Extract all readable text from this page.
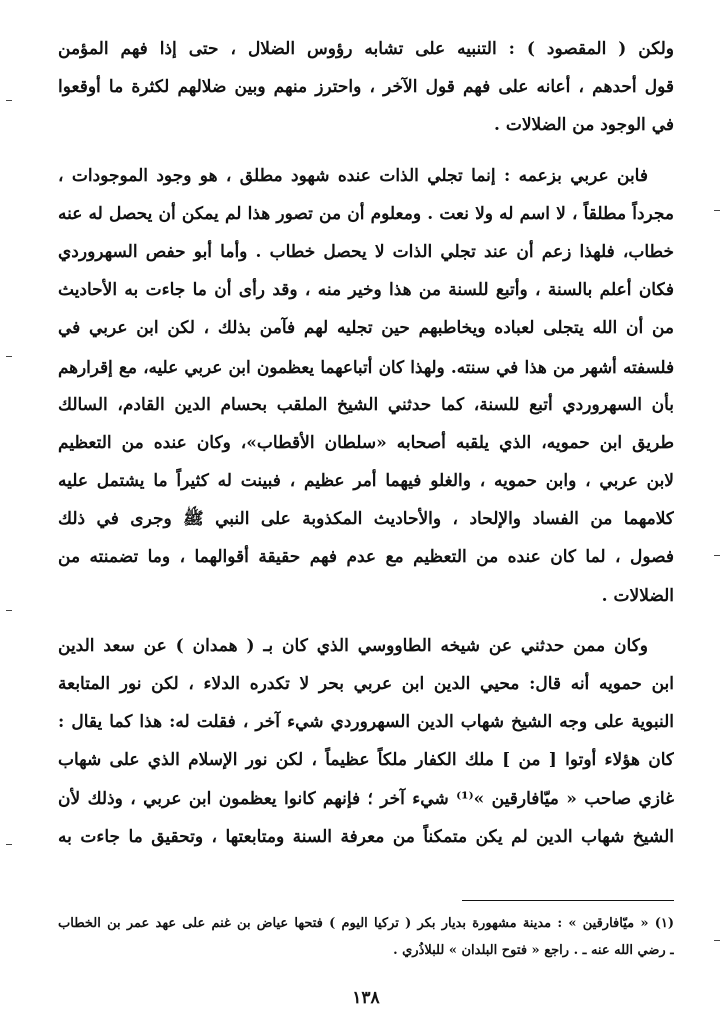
ولكن ( المقصود ) : التنبيه على تشابه رؤوس الضلال ، حتى إذا فهم المؤمن
قول أحدهم ، أعانه على فهم قول الآخر ، واحترز منهم وبين ضلالهم لكثرة ما أوقعوا
في الوجود من الضلالات .
فابن عربي بزعمه : إنما تجلي الذات عنده شهود مطلق ، هو وجود الموجودات ،
مجرداً مطلقاً ، لا اسم له ولا نعت . ومعلوم أن من تصور هذا لم يمكن أن يحصل له عنه
خطاب، فلهذا زعم أن عند تجلي الذات لا يحصل خطاب . وأما أبو حفص السهروردي
فكان أعلم بالسنة ، وأتبع للسنة من هذا وخير منه ، وقد رأى أن ما جاءت به الأحاديث
من أن الله يتجلى لعباده ويخاطبهم حين تجليه لهم فآمن بذلك ، لكن ابن عربي في
فلسفته أشهر من هذا في سنته. ولهذا كان أتباعهما يعظمون ابن عربي عليه، مع إقرارهم
بأن السهروردي أتبع للسنة، كما حدثني الشيخ الملقب بحسام الدين القادم، السالك
طريق ابن حمويه، الذي يلقبه أصحابه «سلطان الأقطاب»، وكان عنده من التعظيم
لابن عربي ، وابن حمويه ، والغلو فيهما أمر عظيم ، فبينت له كثيراً ما يشتمل عليه
كلامهما من الفساد والإلحاد ، والأحاديث المكذوبة على النبي ﷺ وجرى في ذلك
فصول ، لما كان عنده من التعظيم مع عدم فهم حقيقة أقوالهما ، وما تضمنته من
الضلالات .
وكان ممن حدثني عن شيخه الطاووسي الذي كان بـ ( همدان ) عن سعد الدين
ابن حمويه أنه قال: محيي الدين ابن عربي بحر لا تكدره الدلاء ، لكن نور المتابعة
النبوية على وجه الشيخ شهاب الدين السهروردي شيء آخر ، فقلت له: هذا كما يقال :
كان هؤلاء أوتوا [ من ] ملك الكفار ملكاً عظيماً ، لكن نور الإسلام الذي على شهاب
غازي صاحب « ميّافارقين »⁽¹⁾ شيء آخر ؛ فإنهم كانوا يعظمون ابن عربي ، وذلك لأن
الشيخ شهاب الدين لم يكن متمكناً من معرفة السنة ومتابعتها ، وتحقيق ما جاءت به
(١) « ميّافارقين » : مدينة مشهورة بديار بكر ( تركيا اليوم ) فتحها عياض بن غنم على عهد عمر بن الخطاب
ـ رضي الله عنه ـ . راجع « فتوح البلدان » للبلاذُري .
١٣٨
